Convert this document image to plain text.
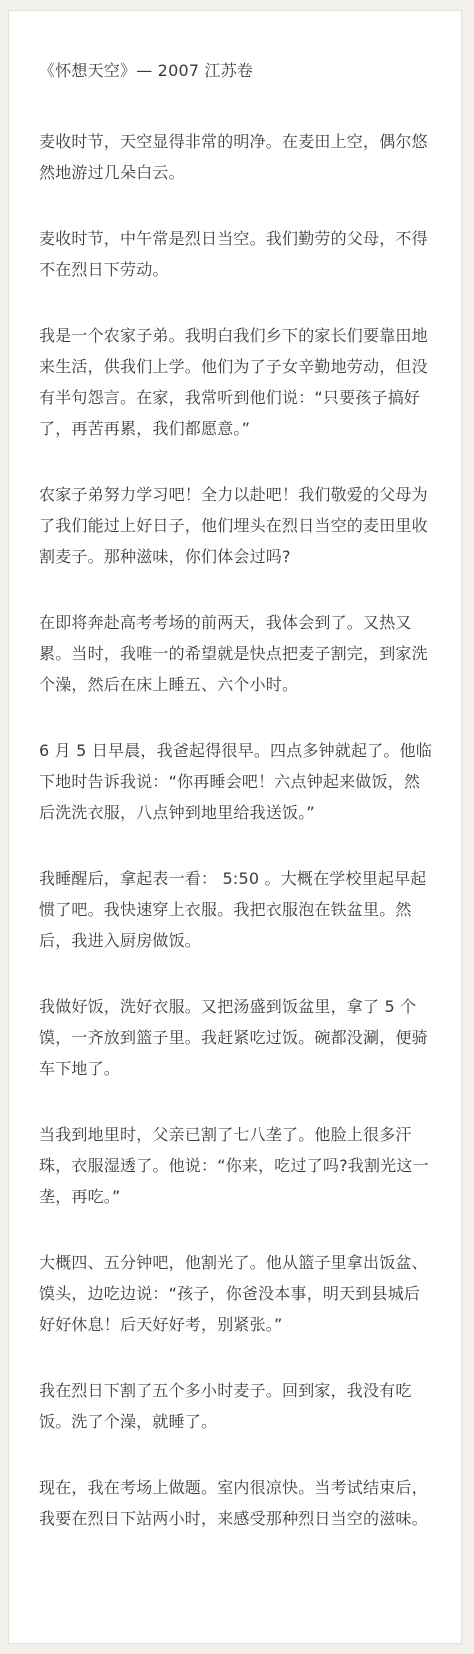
《怀想天空》— 2007 江苏卷

麦收时节，天空显得非常的明净。在麦田上空，偶尔悠然地游过几朵白云。

麦收时节，中午常是烈日当空。我们勤劳的父母，不得不在烈日下劳动。

我是一个农家子弟。我明白我们乡下的家长们要靠田地来生活，供我们上学。他们为了子女辛勤地劳动，但没有半句怨言。在家，我常听到他们说：“只要孩子搞好了，再苦再累，我们都愿意。”

农家子弟努力学习吧！全力以赴吧！我们敬爱的父母为了我们能过上好日子，他们埋头在烈日当空的麦田里收割麦子。那种滋味，你们体会过吗?

在即将奔赴高考考场的前两天，我体会到了。又热又累。当时，我唯一的希望就是快点把麦子割完，到家洗个澡，然后在床上睡五、六个小时。

6 月 5 日早晨，我爸起得很早。四点多钟就起了。他临下地时告诉我说：“你再睡会吧！六点钟起来做饭，然后洗洗衣服，八点钟到地里给我送饭。”

我睡醒后，拿起表一看： 5:50 。大概在学校里起早起惯了吧。我快速穿上衣服。我把衣服泡在铁盆里。然后，我进入厨房做饭。

我做好饭，洗好衣服。又把汤盛到饭盆里，拿了 5 个馍，一齐放到篮子里。我赶紧吃过饭。碗都没涮，便骑车下地了。

当我到地里时，父亲已割了七八垄了。他脸上很多汗珠，衣服湿透了。他说：“你来，吃过了吗?我割光这一垄，再吃。”

大概四、五分钟吧，他割光了。他从篮子里拿出饭盆、馍头，边吃边说：“孩子，你爸没本事，明天到县城后好好休息！后天好好考，别紧张。”

我在烈日下割了五个多小时麦子。回到家，我没有吃饭。洗了个澡，就睡了。

现在，我在考场上做题。室内很凉快。当考试结束后，我要在烈日下站两小时，来感受那种烈日当空的滋味。
